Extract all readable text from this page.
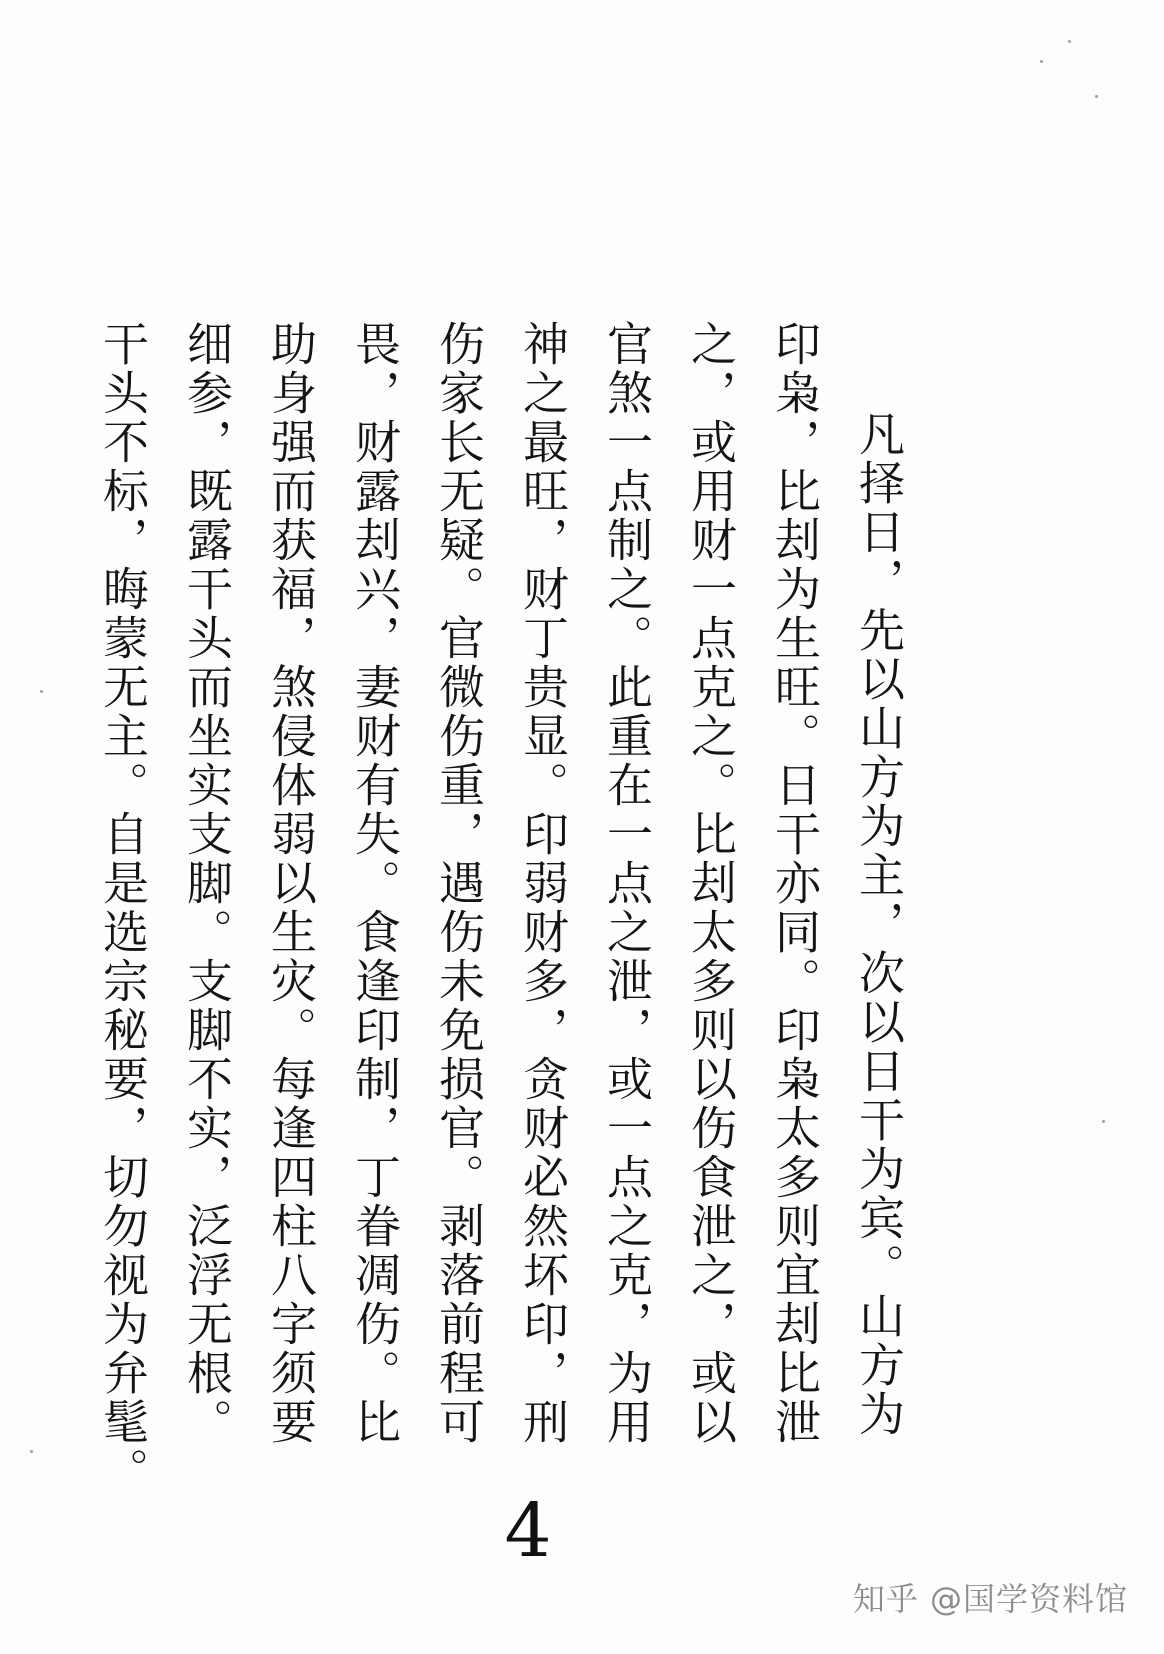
凡择日，先以山方为主，次以日干为宾。山方为
印枭，比刦为生旺。日干亦同。印枭太多则宜刦比泄
之，或用财一点克之。比刦太多则以伤食泄之，或以
官煞一点制之。此重在一点之泄，或一点之克，为用
神之最旺，财丁贵显。印弱财多，贪财必然坏印，刑
伤家长无疑。官微伤重，遇伤未免损官。剥落前程可
畏，财露刦兴，妻财有失。食逢印制，丁眷凋伤。比
助身强而获福，煞侵体弱以生灾。每逢四柱八字须要
细参，既露干头而坐实支脚。支脚不实，泛浮无根。
干头不标，晦蒙无主。自是选宗秘要，切勿视为弁髦。
4
知乎 @国学资料馆
